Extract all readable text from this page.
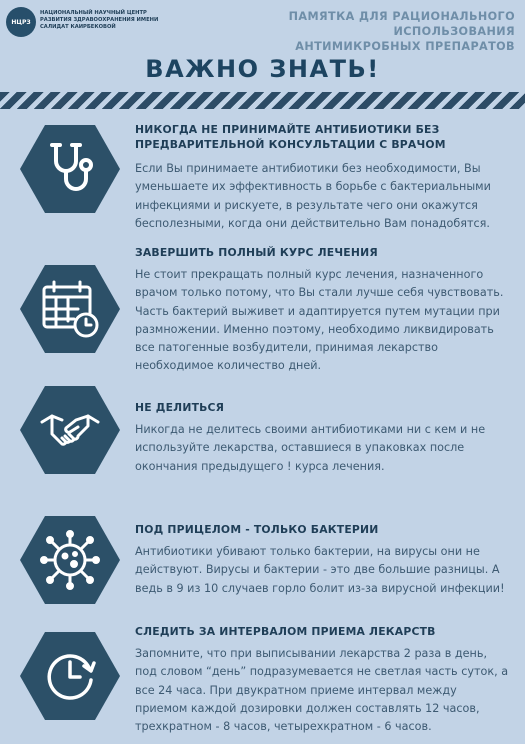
НЦРЗ

НАЦИОНАЛЬНЫЙ НАУЧНЫЙ ЦЕНТР РАЗВИТИЯ ЗДРАВООХРАНЕНИЯ ИМЕНИ САЛИДАТ КАИРБЕКОВОЙ

ПАМЯТКА ДЛЯ РАЦИОНАЛЬНОГО ИСПОЛЬЗОВАНИЯ
АНТИМИКРОБНЫХ ПРЕПАРАТОВ

ВАЖНО ЗНАТЬ!

НИКОГДА НЕ ПРИНИМАЙТЕ АНТИБИОТИКИ БЕЗ ПРЕДВАРИТЕЛЬНОЙ КОНСУЛЬТАЦИИ С ВРАЧОМ

Если Вы принимаете антибиотики без необходимости, Вы уменьшаете их эффективность в борьбе с бактериальными инфекциями и рискуете, в результате чего они окажутся бесполезными, когда они действительно Вам понадобятся.

ЗАВЕРШИТЬ ПОЛНЫЙ КУРС ЛЕЧЕНИЯ

Не стоит прекращать полный курс лечения, назначенного врачом только потому, что Вы стали лучше себя чувствовать. Часть бактерий выживет и адаптируется путем мутации при размножении. Именно поэтому, необходимо ликвидировать все патогенные возбудители, принимая лекарство необходимое количество дней.

НЕ ДЕЛИТЬСЯ

Никогда не делитесь своими антибиотиками ни с кем и не используйте лекарства, оставшиеся в упаковках после окончания предыдущего ! курса лечения.

ПОД ПРИЦЕЛОМ - ТОЛЬКО БАКТЕРИИ

Антибиотики убивают только бактерии, на вирусы они не действуют. Вирусы и бактерии - это две большие разницы. А ведь в 9 из 10 случаев горло болит из-за вирусной инфекции!

СЛЕДИТЬ ЗА ИНТЕРВАЛОМ ПРИЕМА ЛЕКАРСТВ

Запомните, что при выписывании лекарства 2 раза в день, под словом “день” подразумевается не светлая часть суток, а все 24 часа. При двукратном приеме интервал между приемом каждой дозировки должен составлять 12 часов, трехкратном - 8 часов, четырехкратном - 6 часов.
